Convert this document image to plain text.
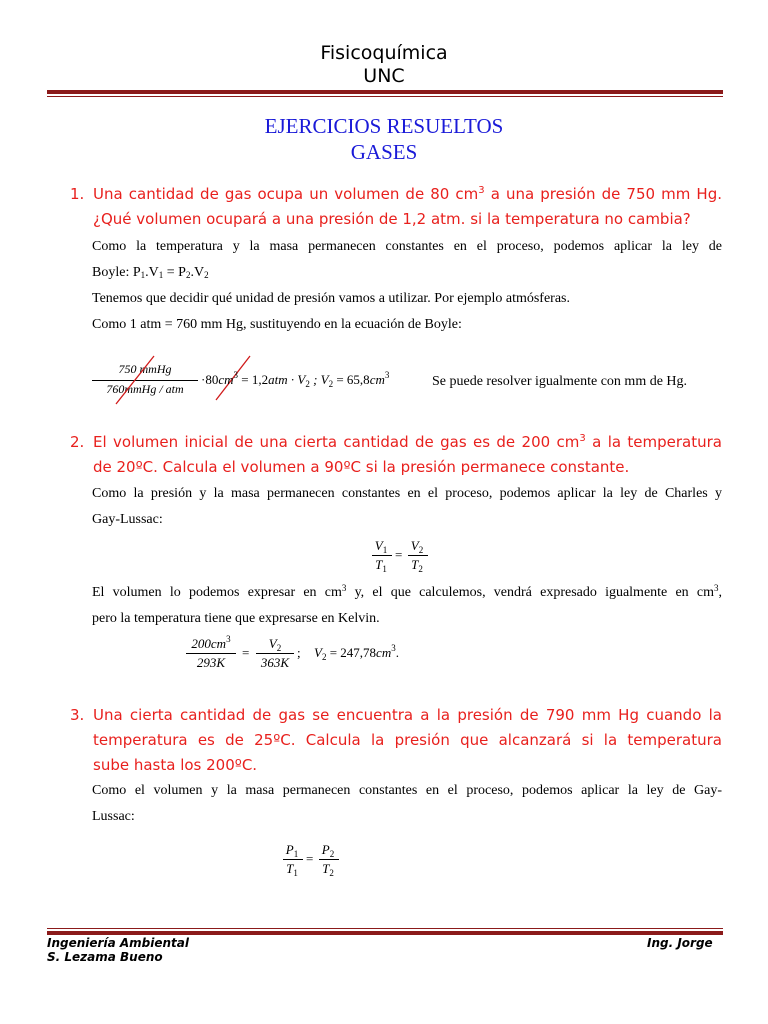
Fisicoquímica
UNC
EJERCICIOS RESUELTOS
GASES
1. Una cantidad de gas ocupa un volumen de 80 $cm^3$ a una presión de 750 mm Hg.
¿Qué volumen ocupará a una presión de 1,2 atm. si la temperatura no cambia?
Como la temperatura y la masa permanecen constantes en el proceso, podemos aplicar la ley de
Boyle: $P_1.V_1 = P_2.V_2$
Tenemos que decidir qué unidad de presión vamos a utilizar. Por ejemplo atmósferas.
Como 1 atm = 760 mm Hg, sustituyendo en la ecuación de Boyle:
750 mmHg
760mmHg / atm
$\cdot 80cm^3 = 1,2atm \cdot V_2$ ; $V_2 = 65,8cm^3$	Se puede resolver igualmente con mm de Hg.
2. El volumen inicial de una cierta cantidad de gas es de 200 $cm^3$ a la temperatura
de 20ºC. Calcula el volumen a 90ºC si la presión permanece constante.
Como la presión y la masa permanecen constantes en el proceso, podemos aplicar la ley de Charles y
Gay-Lussac:
$V_1$
$T_1$
=
$V_2$
$T_2$
El volumen lo podemos expresar en $cm^3$ y, el que calculemos, vendrá expresado igualmente en $cm^3$,
pero la temperatura tiene que expresarse en Kelvin.
$200cm^3$
293K
=
$V_2$
363K
; $V_2 = 247,78cm^3$.
3. Una cierta cantidad de gas se encuentra a la presión de 790 mm Hg cuando la
temperatura es de 25ºC. Calcula la presión que alcanzará si la temperatura
sube hasta los 200ºC.
Como el volumen y la masa permanecen constantes en el proceso, podemos aplicar la ley de Gay-
Lussac:
$P_1$
$T_1$
=
$P_2$
$T_2$
Ingeniería Ambiental
S. Lezama Bueno
Ing. Jorge
